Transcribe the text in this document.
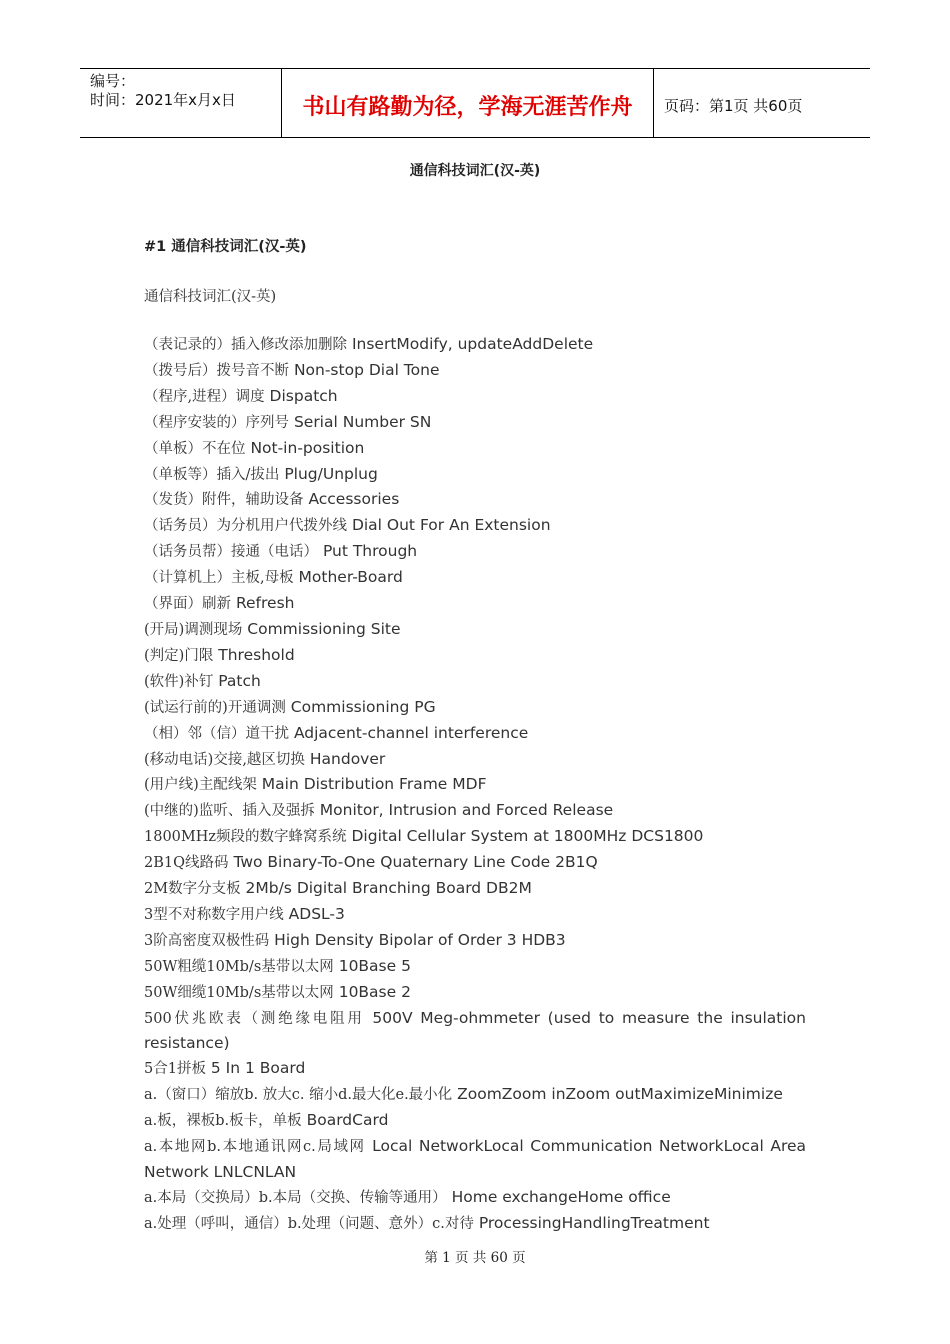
编号：
时间：2021年x月x日	书山有路勤为径，学海无涯苦作舟	页码：第1页 共60页
通信科技词汇(汉-英)
#1 通信科技词汇(汉-英)
通信科技词汇(汉-英)
（表记录的）插入修改添加删除 InsertModify, updateAddDelete
（拨号后）拨号音不断 Non-stop Dial Tone
（程序,进程）调度 Dispatch
（程序安装的）序列号 Serial Number SN
（单板）不在位 Not-in-position
（单板等）插入/拔出 Plug/Unplug
（发货）附件，辅助设备 Accessories
（话务员）为分机用户代拨外线 Dial Out For An Extension
（话务员帮）接通（电话） Put Through
（计算机上）主板,母板 Mother-Board
（界面）刷新 Refresh
(开局)调测现场 Commissioning Site
(判定)门限 Threshold
(软件)补钉 Patch
(试运行前的)开通调测 Commissioning PG
（相）邻（信）道干扰 Adjacent-channel interference
(移动电话)交接,越区切换 Handover
(用户线)主配线架 Main Distribution Frame MDF
(中继的)监听、插入及强拆 Monitor, Intrusion and Forced Release
1800MHz频段的数字蜂窝系统 Digital Cellular System at 1800MHz DCS1800
2B1Q线路码 Two Binary-To-One Quaternary Line Code 2B1Q
2M数字分支板 2Mb/s Digital Branching Board DB2M
3型不对称数字用户线 ADSL-3
3阶高密度双极性码 High Density Bipolar of Order 3 HDB3
50W粗缆10Mb/s基带以太网 10Base 5
50W细缆10Mb/s基带以太网 10Base 2
500伏兆欧表（测绝缘电阻用 500V Meg-ohmmeter (used to measure the insulation resistance)
5合1拼板 5 In 1 Board
a.（窗口）缩放b. 放大c. 缩小d.最大化e.最小化 ZoomZoom inZoom outMaximizeMinimize
a.板，裸板b.板卡，单板 BoardCard
a.本地网b.本地通讯网c.局域网 Local NetworkLocal Communication NetworkLocal Area Network LNLCNLAN
a.本局（交换局）b.本局（交换、传输等通用） Home exchangeHome office
a.处理（呼叫，通信）b.处理（问题、意外）c.对待 ProcessingHandlingTreatment
第 1 页 共 60 页
